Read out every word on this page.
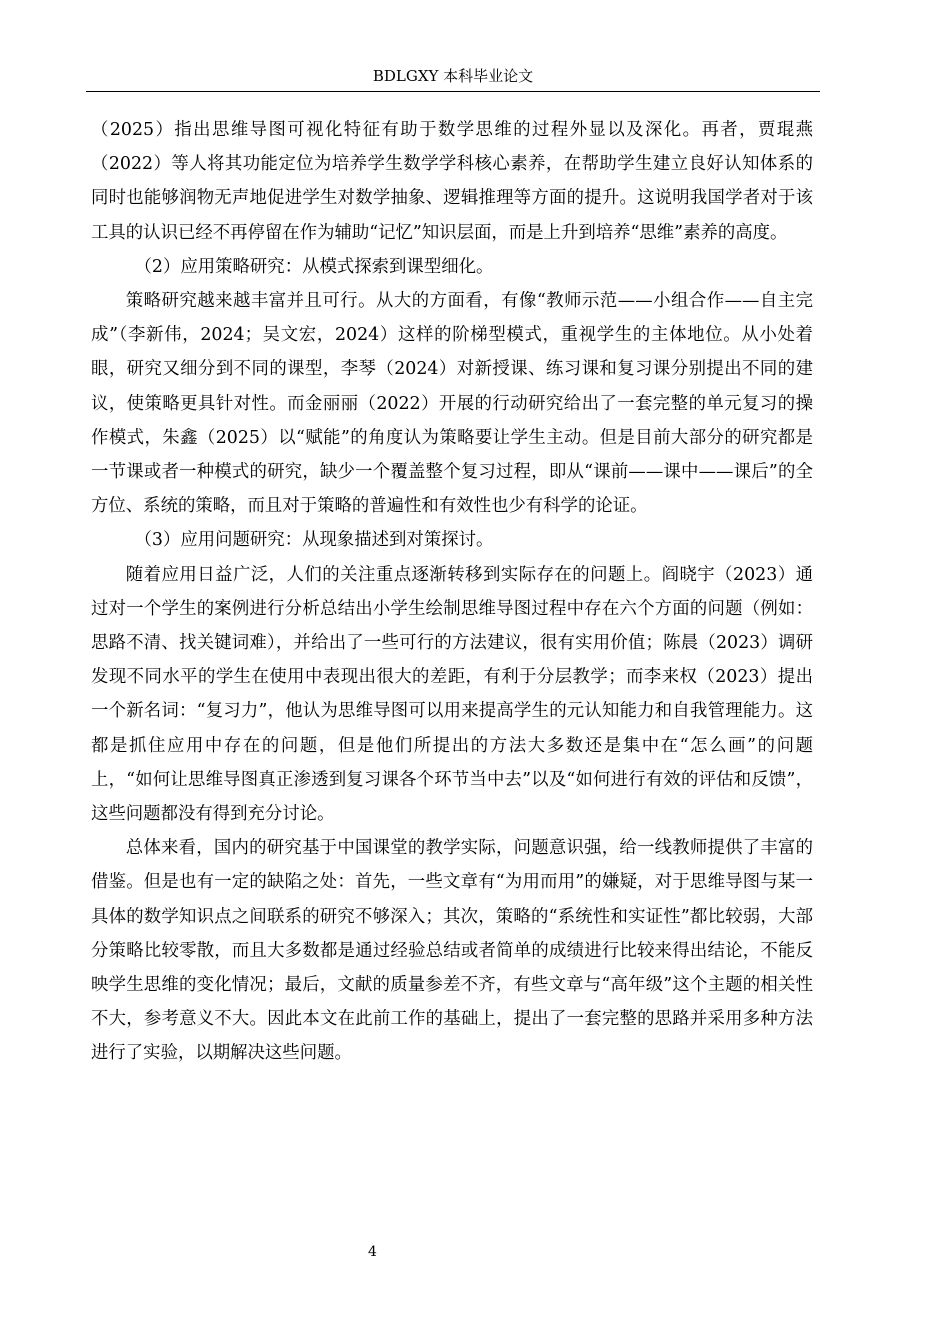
BDLGXY 本科毕业论文

（2025）指出思维导图可视化特征有助于数学思维的过程外显以及深化。再者，贾琨燕（2022）等人将其功能定位为培养学生数学学科核心素养，在帮助学生建立良好认知体系的同时也能够润物无声地促进学生对数学抽象、逻辑推理等方面的提升。这说明我国学者对于该工具的认识已经不再停留在作为辅助“记忆”知识层面，而是上升到培养“思维”素养的高度。

（2）应用策略研究：从模式探索到课型细化。

策略研究越来越丰富并且可行。从大的方面看，有像“教师示范——小组合作——自主完成”（李新伟，2024；吴文宏，2024）这样的阶梯型模式，重视学生的主体地位。从小处着眼，研究又细分到不同的课型，李琴（2024）对新授课、练习课和复习课分别提出不同的建议，使策略更具针对性。而金丽丽（2022）开展的行动研究给出了一套完整的单元复习的操作模式，朱鑫（2025）以“赋能”的角度认为策略要让学生主动。但是目前大部分的研究都是一节课或者一种模式的研究，缺少一个覆盖整个复习过程，即从“课前——课中——课后”的全方位、系统的策略，而且对于策略的普遍性和有效性也少有科学的论证。

（3）应用问题研究：从现象描述到对策探讨。

随着应用日益广泛，人们的关注重点逐渐转移到实际存在的问题上。阎晓宇（2023）通过对一个学生的案例进行分析总结出小学生绘制思维导图过程中存在六个方面的问题（例如：思路不清、找关键词难），并给出了一些可行的方法建议，很有实用价值；陈晨（2023）调研发现不同水平的学生在使用中表现出很大的差距，有利于分层教学；而李来权（2023）提出一个新名词：“复习力”，他认为思维导图可以用来提高学生的元认知能力和自我管理能力。这都是抓住应用中存在的问题，但是他们所提出的方法大多数还是集中在“怎么画”的问题上，“如何让思维导图真正渗透到复习课各个环节当中去”以及“如何进行有效的评估和反馈”，这些问题都没有得到充分讨论。

总体来看，国内的研究基于中国课堂的教学实际，问题意识强，给一线教师提供了丰富的借鉴。但是也有一定的缺陷之处：首先，一些文章有“为用而用”的嫌疑，对于思维导图与某一具体的数学知识点之间联系的研究不够深入；其次，策略的“系统性和实证性”都比较弱，大部分策略比较零散，而且大多数都是通过经验总结或者简单的成绩进行比较来得出结论，不能反映学生思维的变化情况；最后，文献的质量参差不齐，有些文章与“高年级”这个主题的相关性不大，参考意义不大。因此本文在此前工作的基础上，提出了一套完整的思路并采用多种方法进行了实验，以期解决这些问题。

4
